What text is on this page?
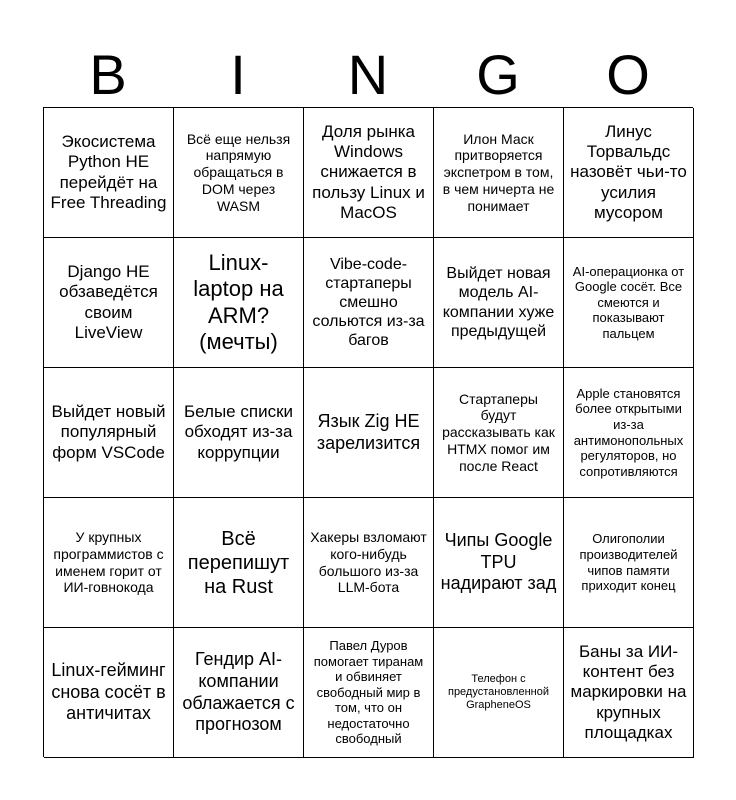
B	I	N	G	O
Экосистема Python НЕ перейдёт на Free Threading
Всё еще нельзя напрямую обращаться в DOM через WASM
Доля рынка Windows снижается в пользу Linux и MacOS
Илон Маск притворяется экспетром в том, в чем ничерта не понимает
Линус Торвальдс назовёт чьи-то усилия мусором
Django НЕ обзаведётся своим LiveView
Linux-laptop на ARM? (мечты)
Vibe-code-стартаперы смешно сольются из-за багов
Выйдет новая модель AI-компании хуже предыдущей
AI-операционка от Google сосёт. Все смеются и показывают пальцем
Выйдет новый популярный форм VSCode
Белые списки обходят из-за коррупции
Язык Zig НЕ зарелизится
Стартаперы будут рассказывать как HTMX помог им после React
Apple становятся более открытыми из-за антимонопольных регуляторов, но сопротивляются
У крупных программистов с именем горит от ИИ-говнокода
Всё перепишут на Rust
Хакеры взломают кого-нибудь большого из-за LLM-бота
Чипы Google TPU надирают зад
Олигополии производителей чипов памяти приходит конец
Linux-гейминг снова сосёт в античитах
Гендир AI-компании облажается с прогнозом
Павел Дуров помогает тиранам и обвиняет свободный мир в том, что он недостаточно свободный
Телефон с предустановленной GrapheneOS
Баны за ИИ-контент без маркировки на крупных площадках
